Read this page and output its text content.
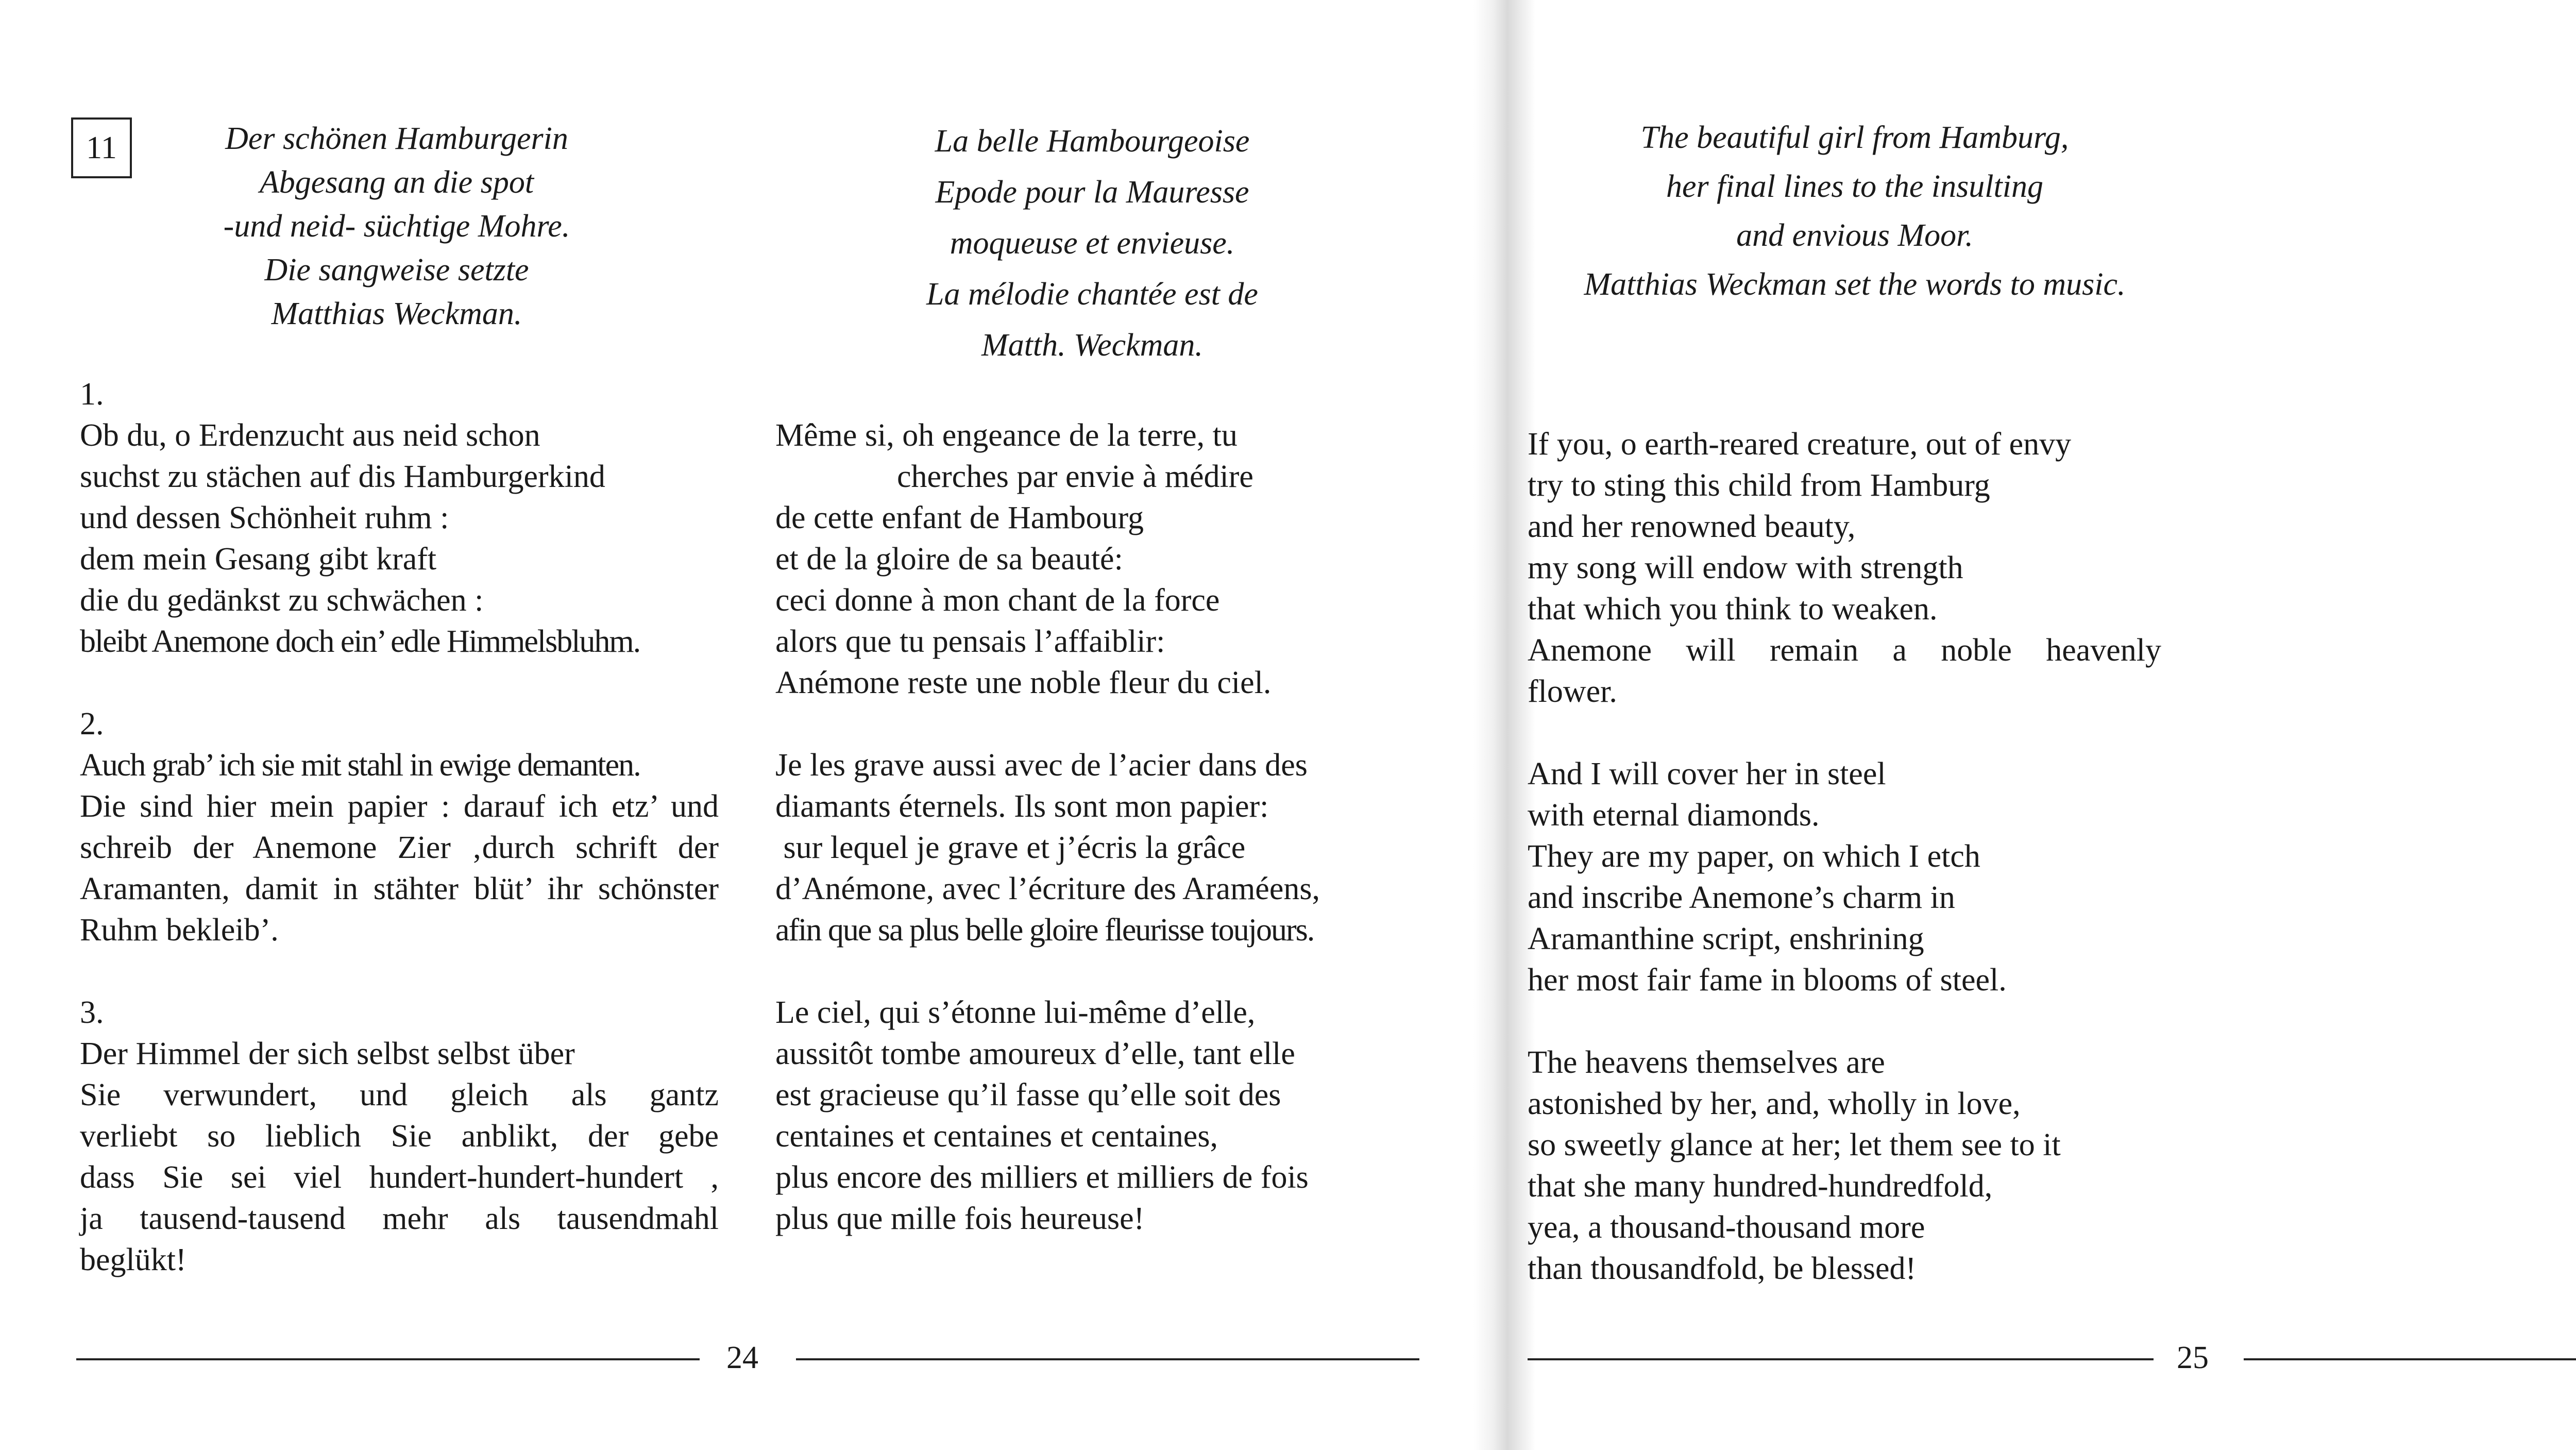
11	Der schönen Hamburgerin
Abgesang an die spot
-und neid- süchtige Mohre.
Die sangweise setzte
Matthias Weckman.
1.
Ob du, o Erdenzucht aus neid schon
suchst zu stächen auf dis Hamburgerkind
und dessen Schönheit ruhm :
dem mein Gesang gibt kraft
die du gedänkst zu schwächen :
bleibt Anemone doch ein’ edle Himmelsbluhm.
2.
Auch grab’ ich sie mit stahl in ewige demanten.
Die sind hier mein papier : darauf ich etz’ und
schreib der Anemone Zier ‚durch schrift der
Aramanten, damit in stähter blüt’ ihr schönster
Ruhm bekleib’.
3.
Der Himmel der sich selbst selbst über
Sie verwundert, und gleich als gantz
verliebt so lieblich Sie anblikt, der gebe
dass Sie sei viel hundert-hundert-hundert ,
ja tausend-tausend mehr als tausendmahl
beglükt!
La belle Hambourgeoise
Epode pour la Mauresse
moqueuse et envieuse.
La mélodie chantée est de
Matth. Weckman.
Même si, oh engeance de la terre, tu
cherches par envie à médire
de cette enfant de Hambourg
et de la gloire de sa beauté:
ceci donne à mon chant de la force
alors que tu pensais l’affaiblir:
Anémone reste une noble fleur du ciel.
Je les grave aussi avec de l’acier dans des
diamants éternels. Ils sont mon papier:
sur lequel je grave et j’écris la grâce
d’Anémone, avec l’écriture des Araméens,
afin que sa plus belle gloire fleurisse toujours.
Le ciel, qui s’étonne lui-même d’elle,
aussitôt tombe amoureux d’elle, tant elle
est gracieuse qu’il fasse qu’elle soit des
centaines et centaines et centaines,
plus encore des milliers et milliers de fois
plus que mille fois heureuse!
24
The beautiful girl from Hamburg,
her final lines to the insulting
and envious Moor.
Matthias Weckman set the words to music.
If you, o earth-reared creature, out of envy
try to sting this child from Hamburg
and her renowned beauty,
my song will endow with strength
that which you think to weaken.
Anemone will remain a noble heavenly
flower.
And I will cover her in steel
with eternal diamonds.
They are my paper, on which I etch
and inscribe Anemone’s charm in
Aramanthine script, enshrining
her most fair fame in blooms of steel.
The heavens themselves are
astonished by her, and, wholly in love,
so sweetly glance at her; let them see to it
that she many hundred-hundredfold,
yea, a thousand-thousand more
than thousandfold, be blessed!
25
